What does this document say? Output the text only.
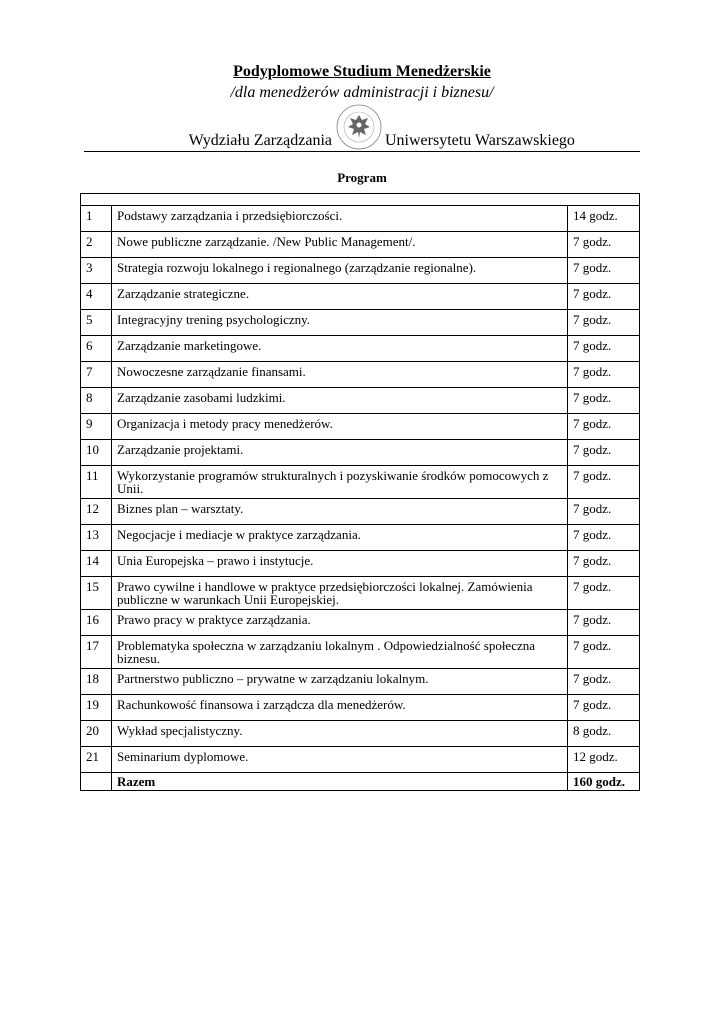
Podyplomowe Studium Menedżerskie
/dla menedżerów administracji i biznesu/
Wydziału Zarządzania	Uniwersytetu Warszawskiego
Program

1	Podstawy zarządzania i przedsiębiorczości.	14 godz.
2	Nowe publiczne zarządzanie. /New Public Management/.	7 godz.
3	Strategia rozwoju lokalnego i regionalnego (zarządzanie regionalne).	7 godz.
4	Zarządzanie strategiczne.	7 godz.
5	Integracyjny trening psychologiczny.	7 godz.
6	Zarządzanie marketingowe.	7 godz.
7	Nowoczesne zarządzanie finansami.	7 godz.
8	Zarządzanie zasobami ludzkimi.	7 godz.
9	Organizacja i metody pracy menedżerów.	7 godz.
10	Zarządzanie projektami.	7 godz.
11	Wykorzystanie programów strukturalnych i pozyskiwanie środków pomocowych z Unii.	7 godz.
12	Biznes plan – warsztaty.	7 godz.
13	Negocjacje i mediacje w praktyce zarządzania.	7 godz.
14	Unia Europejska – prawo i instytucje.	7 godz.
15	Prawo cywilne i handlowe w praktyce przedsiębiorczości lokalnej. Zamówienia publiczne w warunkach Unii Europejskiej.	7 godz.
16	Prawo pracy w praktyce zarządzania.	7 godz.
17	Problematyka społeczna w zarządzaniu lokalnym . Odpowiedzialność społeczna biznesu.	7 godz.
18	Partnerstwo publiczno – prywatne w zarządzaniu lokalnym.	7 godz.
19	Rachunkowość finansowa i zarządcza dla menedżerów.	7 godz.
20	Wykład specjalistyczny.	8 godz.
21	Seminarium dyplomowe.	12 godz.
	Razem	160 godz.
